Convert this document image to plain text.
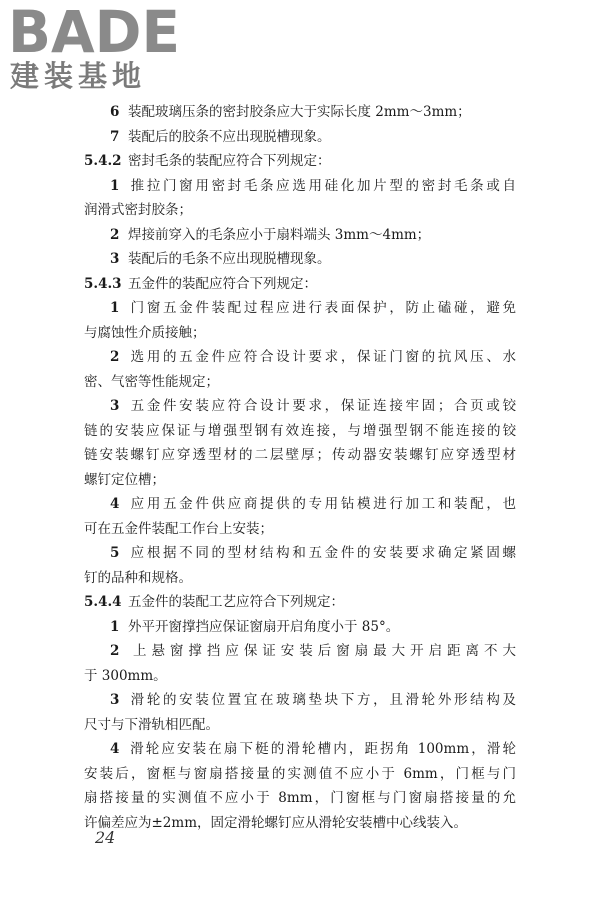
BADE
建装基地
6 装配玻璃压条的密封胶条应大于实际长度 2mm～3mm；
7 装配后的胶条不应出现脱槽现象。
5.4.2 密封毛条的装配应符合下列规定：
1 推拉门窗用密封毛条应选用硅化加片型的密封毛条或自
润滑式密封胶条；
2 焊接前穿入的毛条应小于扇料端头 3mm～4mm；
3 装配后的毛条不应出现脱槽现象。
5.4.3 五金件的装配应符合下列规定：
1 门窗五金件装配过程应进行表面保护，防止磕碰，避免
与腐蚀性介质接触；
2 选用的五金件应符合设计要求，保证门窗的抗风压、水
密、气密等性能规定；
3 五金件安装应符合设计要求，保证连接牢固；合页或铰
链的安装应保证与增强型钢有效连接，与增强型钢不能连接的铰
链安装螺钉应穿透型材的二层壁厚；传动器安装螺钉应穿透型材
螺钉定位槽；
4 应用五金件供应商提供的专用钻模进行加工和装配，也
可在五金件装配工作台上安装；
5 应根据不同的型材结构和五金件的安装要求确定紧固螺
钉的品种和规格。
5.4.4 五金件的装配工艺应符合下列规定：
1 外平开窗撑挡应保证窗扇开启角度小于 85°。
2 上悬窗撑挡应保证安装后窗扇最大开启距离不大
于 300mm。
3 滑轮的安装位置宜在玻璃垫块下方，且滑轮外形结构及
尺寸与下滑轨相匹配。
4 滑轮应安装在扇下梃的滑轮槽内，距拐角 100mm，滑轮
安装后，窗框与窗扇搭接量的实测值不应小于 6mm，门框与门
扇搭接量的实测值不应小于 8mm，门窗框与门窗扇搭接量的允
许偏差应为±2mm，固定滑轮螺钉应从滑轮安装槽中心线装入。
24
